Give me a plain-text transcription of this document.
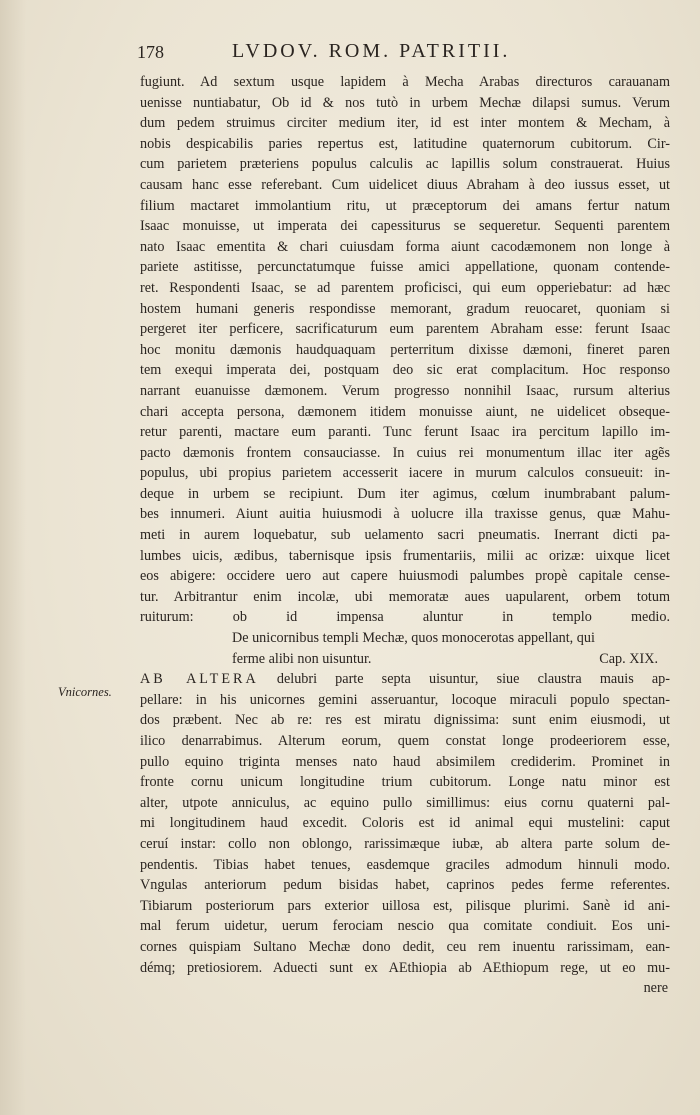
178	LVDOV. ROM. PATRITII.
Vnicornes.
fugiunt. Ad sextum usque lapidem à Mecha Arabas directuros carauanam
uenisse nuntiabatur, Ob id & nos tutò in urbem Mechæ dilapsi sumus. Verum
dum pedem struimus circiter medium iter, id est inter montem & Mecham, à
nobis despicabilis paries repertus est, latitudine quaternorum cubitorum. Cir-
cum parietem præteriens populus calculis ac lapillis solum constrauerat. Huius
causam hanc esse referebant. Cum uidelicet diuus Abraham à deo iussus esset, ut
filium mactaret immolantium ritu, ut præceptorum dei amans fertur natum
Isaac monuisse, ut imperata dei capessiturus se sequeretur. Sequenti parentem
nato Isaac ementita & chari cuiusdam forma aiunt cacodæmonem non longe à
pariete astitisse, percunctatumque fuisse amici appellatione, quonam contende-
ret. Respondenti Isaac, se ad parentem proficisci, qui eum opperiebatur: ad hæc
hostem humani generis respondisse memorant, gradum reuocaret, quoniam si
pergeret iter perficere, sacrificaturum eum parentem Abraham esse: ferunt Isaac
hoc monitu dæmonis haudquaquam perterritum dixisse dæmoni, fineret paren
tem exequi imperata dei, postquam deo sic erat complacitum. Hoc responso
narrant euanuisse dæmonem. Verum progresso nonnihil Isaac, rursum alterius
chari accepta persona, dæmonem itidem monuisse aiunt, ne uidelicet obseque-
retur parenti, mactare eum paranti. Tunc ferunt Isaac ira percitum lapillo im-
pacto dæmonis frontem consauciasse. In cuius rei monumentum illac iter agẽs
populus, ubi propius parietem accesserit iacere in murum calculos consueuit: in-
deque in urbem se recipiunt. Dum iter agimus, cœlum inumbrabant palum-
bes innumeri. Aiunt auitia huiusmodi à uolucre illa traxisse genus, quæ Mahu-
meti in aurem loquebatur, sub uelamento sacri pneumatis. Inerrant dicti pa-
lumbes uicis, ædibus, tabernisque ipsis frumentariis, milii ac orizæ: uixque licet
eos abigere: occidere uero aut capere huiusmodi palumbes propè capitale cense-
tur. Arbitrantur enim incolæ, ubi memoratæ aues uapularent, orbem totum
ruiturum: ob id impensa aluntur in templo medio.
De unicornibus templi Mechæ, quos monocerotas appellant, qui
ferme alibi non uisuntur.	Cap. XIX.
AB ALTERA delubri parte septa uisuntur, siue claustra mauis ap-
pellare: in his unicornes gemini asseruantur, locoque miraculi populo spectan-
dos præbent. Nec ab re: res est miratu dignissima: sunt enim eiusmodi, ut
ilico denarrabimus. Alterum eorum, quem constat longe prodeeriorem esse,
pullo equino triginta menses nato haud absimilem crediderim. Prominet in
fronte cornu unicum longitudine trium cubitorum. Longe natu minor est
alter, utpote anniculus, ac equino pullo simillimus: eius cornu quaterni pal-
mi longitudinem haud excedit. Coloris est id animal equi mustelini: caput
ceruí instar: collo non oblongo, rarissimæque iubæ, ab altera parte solum de-
pendentis. Tibias habet tenues, easdemque graciles admodum hinnuli modo.
Vngulas anteriorum pedum bisidas habet, caprinos pedes ferme referentes.
Tibiarum posteriorum pars exterior uillosa est, pilisque plurimi. Sanè id ani-
mal ferum uidetur, uerum ferociam nescio qua comitate condiuit. Eos uni-
cornes quispiam Sultano Mechæ dono dedit, ceu rem inuentu rarissimam, ean-
démq; pretiosiorem. Aduecti sunt ex AEthiopia ab AEthiopum rege, ut eo mu-
nere
